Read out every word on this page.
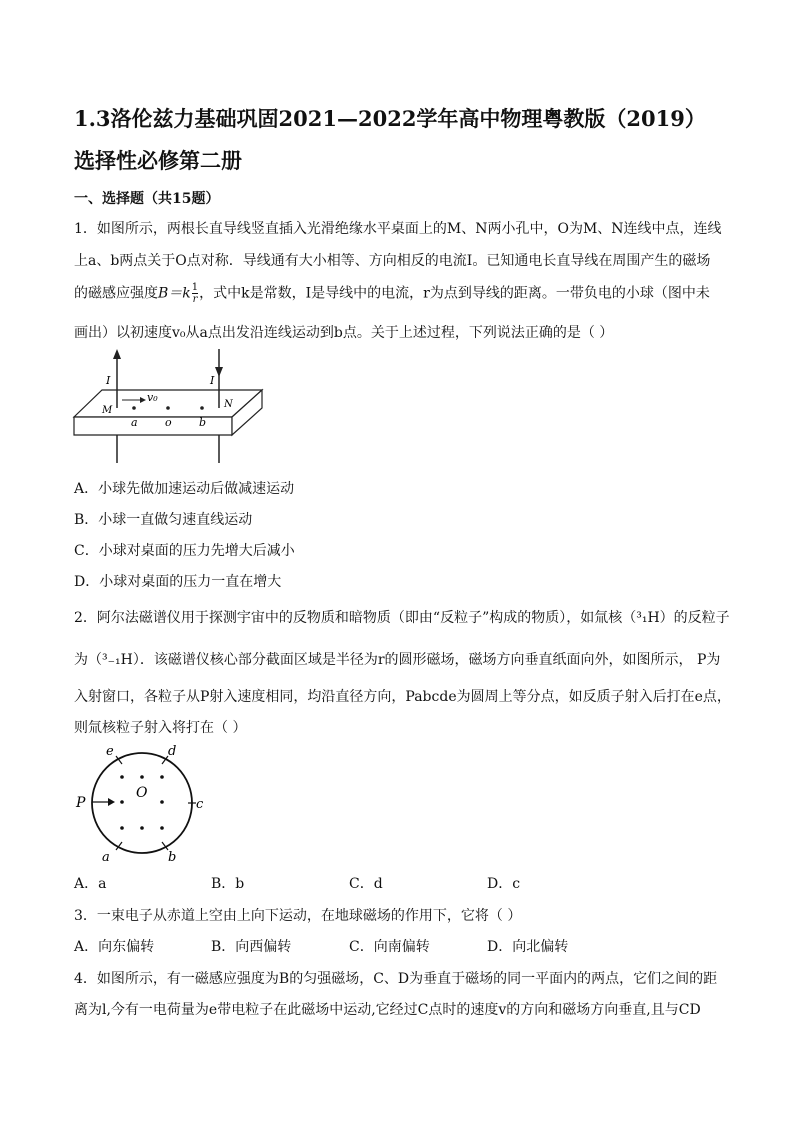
1.3洛伦兹力基础巩固2021—2022学年高中物理粤教版（2019）选择性必修第二册
一、选择题（共15题）
1．如图所示，两根长直导线竖直插入光滑绝缘水平桌面上的M、N两小孔中，O为M、N连线中点，连线
上a、b两点关于O点对称．导线通有大小相等、方向相反的电流I。已知通电长直导线在周围产生的磁场
的磁感应强度$B=k \frac{1}{r}$ ，式中k是常数，I是导线中的电流，r为点到导线的距离。一带负电的小球（图中未
画出）以初速度v₀从a点出发沿连线运动到b点。关于上述过程，下列说法正确的是（ ）
I	I
M
N
v₀
a o b
A．小球先做加速运动后做减速运动
B．小球一直做匀速直线运动
C．小球对桌面的压力先增大后减小
D．小球对桌面的压力一直在增大
2．阿尔法磁谱仪用于探测宇宙中的反物质和暗物质（即由“反粒子”构成的物质），如氚核（³₁H）的反粒子
为（³₋₁H）．该磁谱仪核心部分截面区域是半径为r的圆形磁场，磁场方向垂直纸面向外，如图所示， P为
入射窗口，各粒子从P射入速度相同，均沿直径方向，Pabcde为圆周上等分点，如反质子射入后打在e点，
则氚核粒子射入将打在（ ）
P
O
e	d
c
a	b
A．a	B．b	C．d	D．c
3．一束电子从赤道上空由上向下运动，在地球磁场的作用下，它将（ ）
A．向东偏转	B．向西偏转	C．向南偏转	D．向北偏转
4．如图所示，有一磁感应强度为B的匀强磁场，C、D为垂直于磁场的同一平面内的两点，它们之间的距
离为l,今有一电荷量为e带电粒子在此磁场中运动,它经过C点时的速度v的方向和磁场方向垂直,且与CD
